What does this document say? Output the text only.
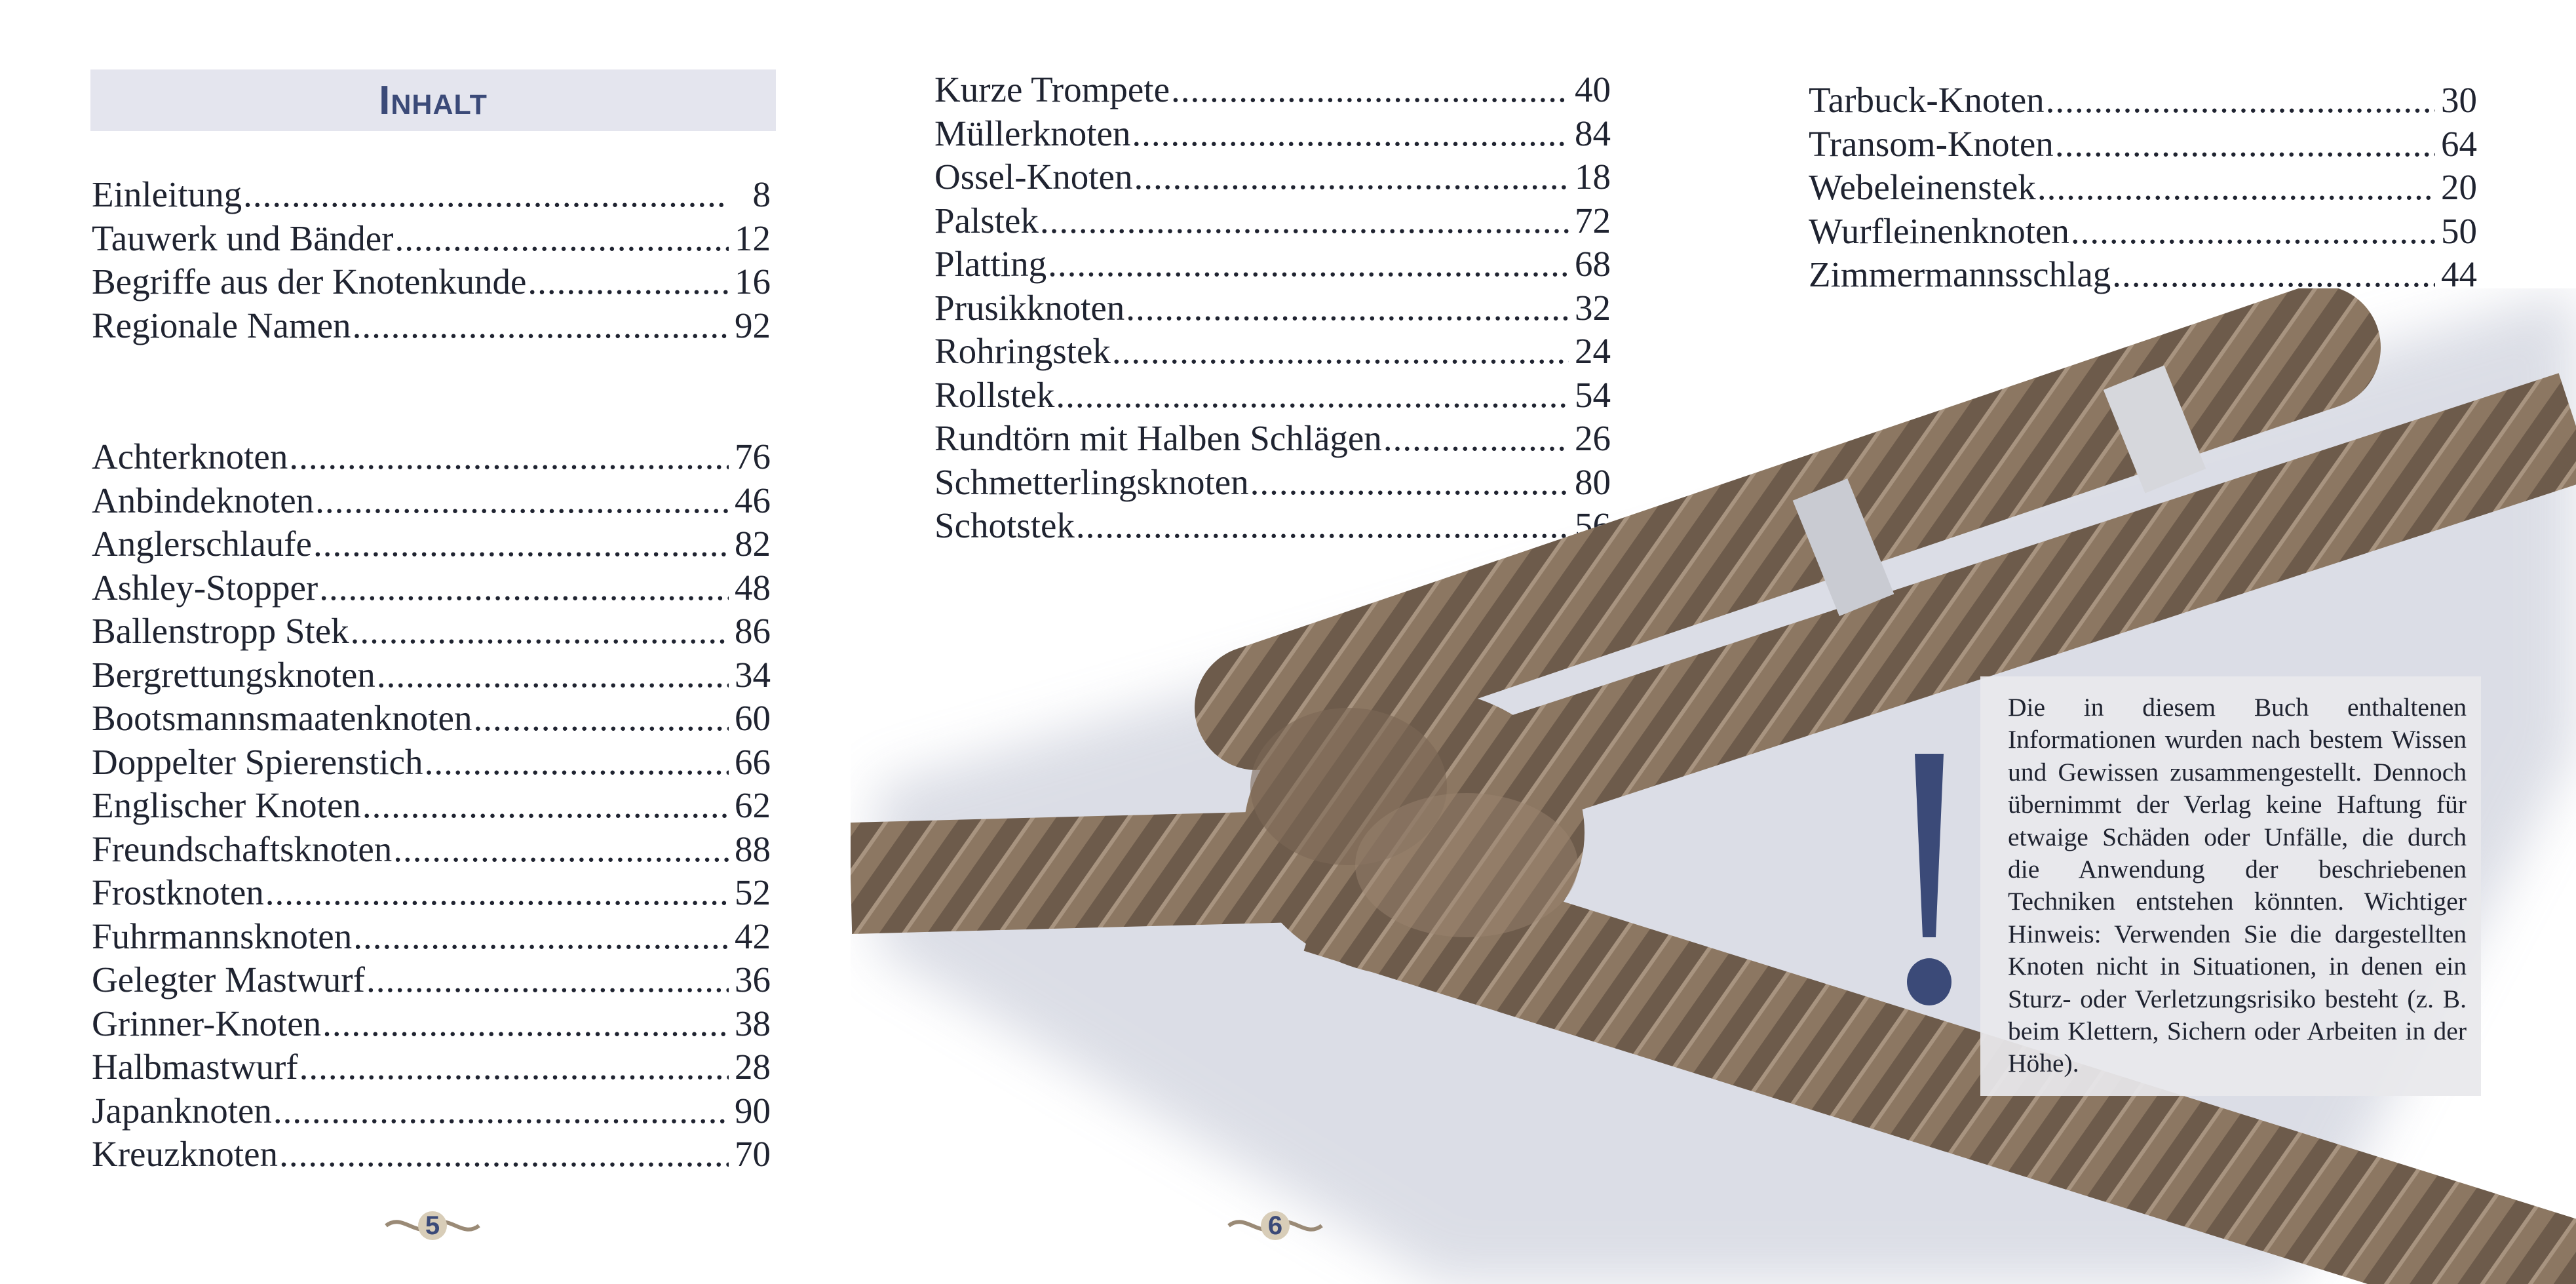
Inhalt
Einleitung .....	8
Tauwerk und Bänder .....	12
Begriffe aus der Knotenkunde .....	16
Regionale Namen .....	92
Achterknoten .....	76
Anbindeknoten .....	46
Anglerschlaufe .....	82
Ashley-Stopper .....	48
Ballenstropp Stek .....	86
Bergrettungsknoten .....	34
Bootsmannsmaatenknoten .....	60
Doppelter Spierenstich .....	66
Englischer Knoten .....	62
Freundschaftsknoten .....	88
Frostknoten .....	52
Fuhrmannsknoten .....	42
Gelegter Mastwurf .....	36
Grinner-Knoten .....	38
Halbmastwurf .....	28
Japanknoten .....	90
Kreuzknoten .....	70
Kurze Trompete .....	40
Müllerknoten .....	84
Ossel-Knoten .....	18
Palstek .....	72
Platting .....	68
Prusikknoten .....	32
Rohringstek .....	24
Rollstek .....	54
Rundtörn mit Halben Schlägen .....	26
Schmetterlingsknoten .....	80
Schotstek .....	56
Tarbuck-Knoten .....	30
Transom-Knoten .....	64
Webeleinenstek .....	20
Wurfleinenknoten .....	50
Zimmermannsschlag .....	44
Die in diesem Buch enthaltenen Informationen wurden nach bestem Wissen und Gewissen zusammengestellt. Dennoch übernimmt der Verlag keine Haftung für etwaige Schäden oder Unfälle, die durch die Anwendung der beschriebenen Techniken entstehen könnten. Wichtiger Hinweis: Verwenden Sie die dargestellten Knoten nicht in Situationen, in denen ein Sturz- oder Verletzungsrisiko besteht (z. B. beim Klettern, Sichern oder Arbeiten in der Höhe).
5	6
